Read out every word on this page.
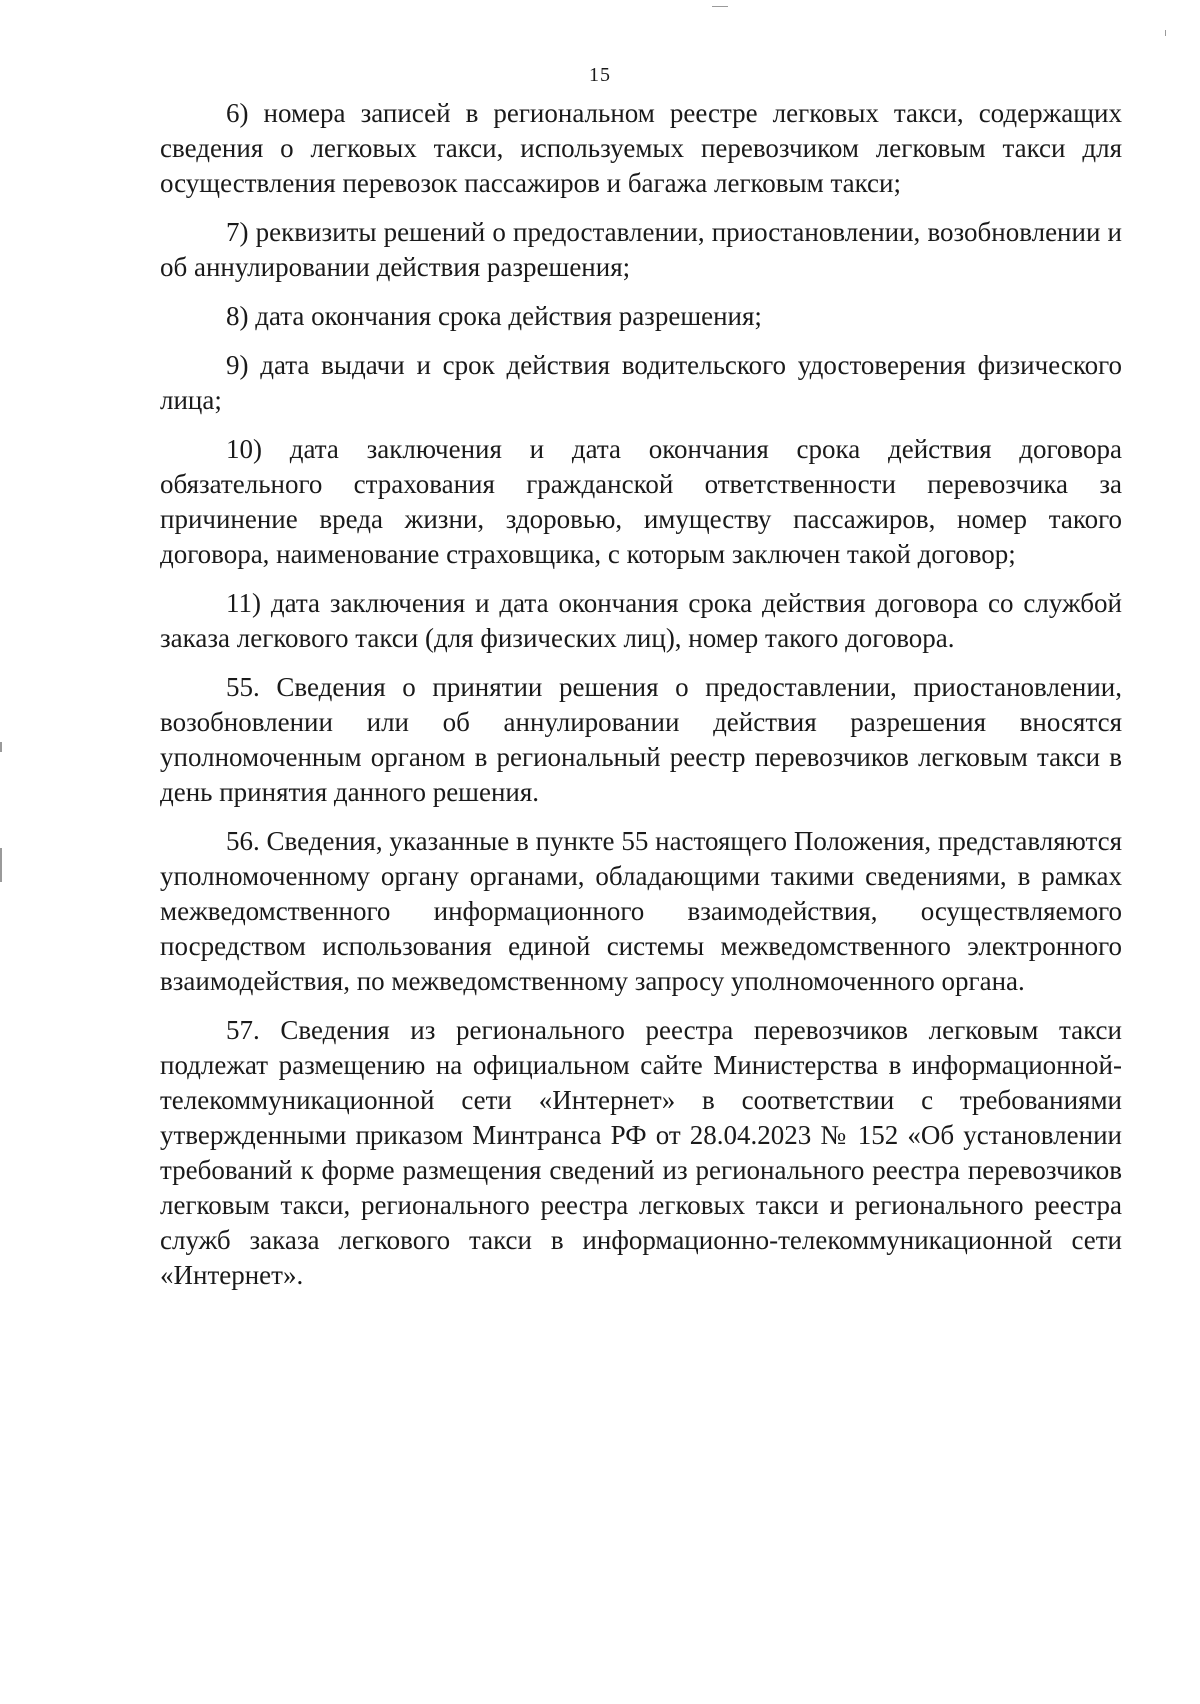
15

6) номера записей в региональном реестре легковых такси, содержащих сведения о легковых такси, используемых перевозчиком легковым такси для осуществления перевозок пассажиров и багажа легковым такси;

7) реквизиты решений о предоставлении, приостановлении, возобновлении и об аннулировании действия разрешения;

8) дата окончания срока действия разрешения;

9) дата выдачи и срок действия водительского удостоверения физического лица;

10) дата заключения и дата окончания срока действия договора обязательного страхования гражданской ответственности перевозчика за причинение вреда жизни, здоровью, имуществу пассажиров, номер такого договора, наименование страховщика, с которым заключен такой договор;

11) дата заключения и дата окончания срока действия договора со службой заказа легкового такси (для физических лиц), номер такого договора.

55. Сведения о принятии решения о предоставлении, приостановлении, возобновлении или об аннулировании действия разрешения вносятся уполномоченным органом в региональный реестр перевозчиков легковым такси в день принятия данного решения.

56. Сведения, указанные в пункте 55 настоящего Положения, представляются уполномоченному органу органами, обладающими такими сведениями, в рамках межведомственного информационного взаимодействия, осуществляемого посредством использования единой системы межведомственного электронного взаимодействия, по межведомственному запросу уполномоченного органа.

57. Сведения из регионального реестра перевозчиков легковым такси подлежат размещению на официальном сайте Министерства в информационной-телекоммуникационной сети «Интернет» в соответствии с требованиями утвержденными приказом Минтранса РФ от 28.04.2023 № 152 «Об установлении требований к форме размещения сведений из регионального реестра перевозчиков легковым такси, регионального реестра легковых такси и регионального реестра служб заказа легкового такси в информационно-телекоммуникационной сети «Интернет».
